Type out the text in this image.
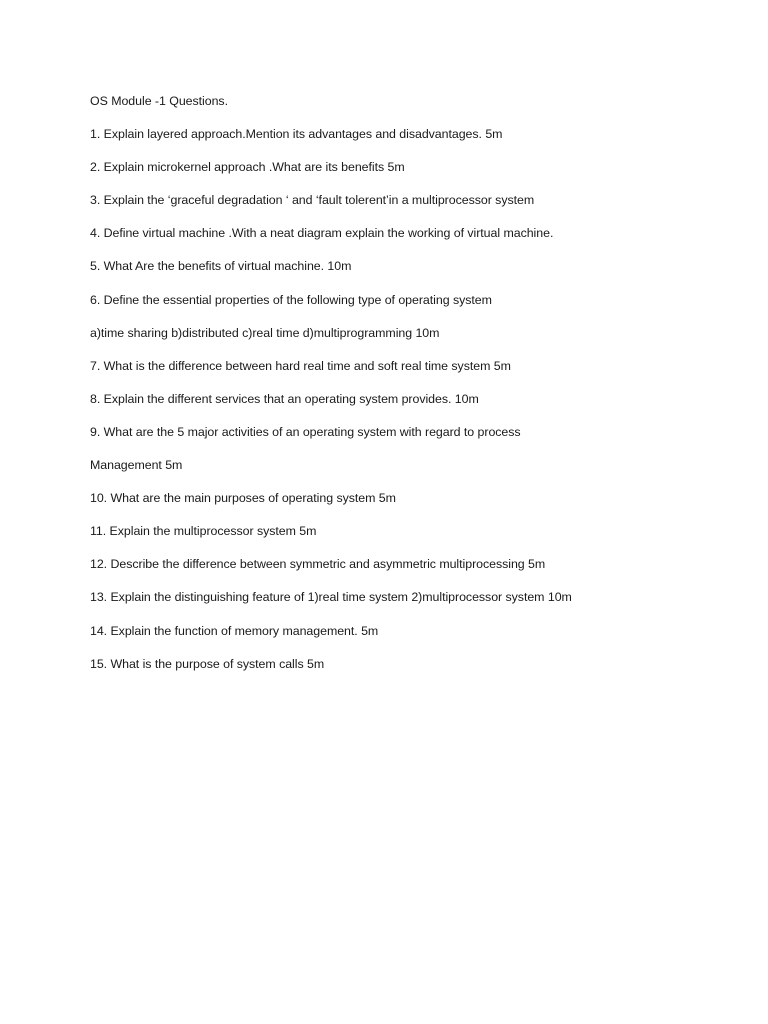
OS Module -1 Questions.
1. Explain layered approach.Mention its advantages and disadvantages. 5m
2. Explain microkernel approach .What are its benefits 5m
3. Explain the ‘graceful degradation ‘ and ‘fault tolerent’in a multiprocessor system
4. Define virtual machine .With a neat diagram explain the working of virtual machine.
5. What Are the benefits of virtual machine. 10m
6. Define the essential properties of the following type of operating system
a)time sharing b)distributed c)real time d)multiprogramming 10m
7. What is the difference between hard real time and soft real time system 5m
8. Explain the different services that an operating system provides. 10m
9. What are the 5 major activities of an operating system with regard to process
Management 5m
10. What are the main purposes of operating system 5m
11. Explain the multiprocessor system 5m
12. Describe the difference between symmetric and asymmetric multiprocessing 5m
13. Explain the distinguishing feature of 1)real time system 2)multiprocessor system 10m
14. Explain the function of memory management. 5m
15. What is the purpose of system calls 5m
